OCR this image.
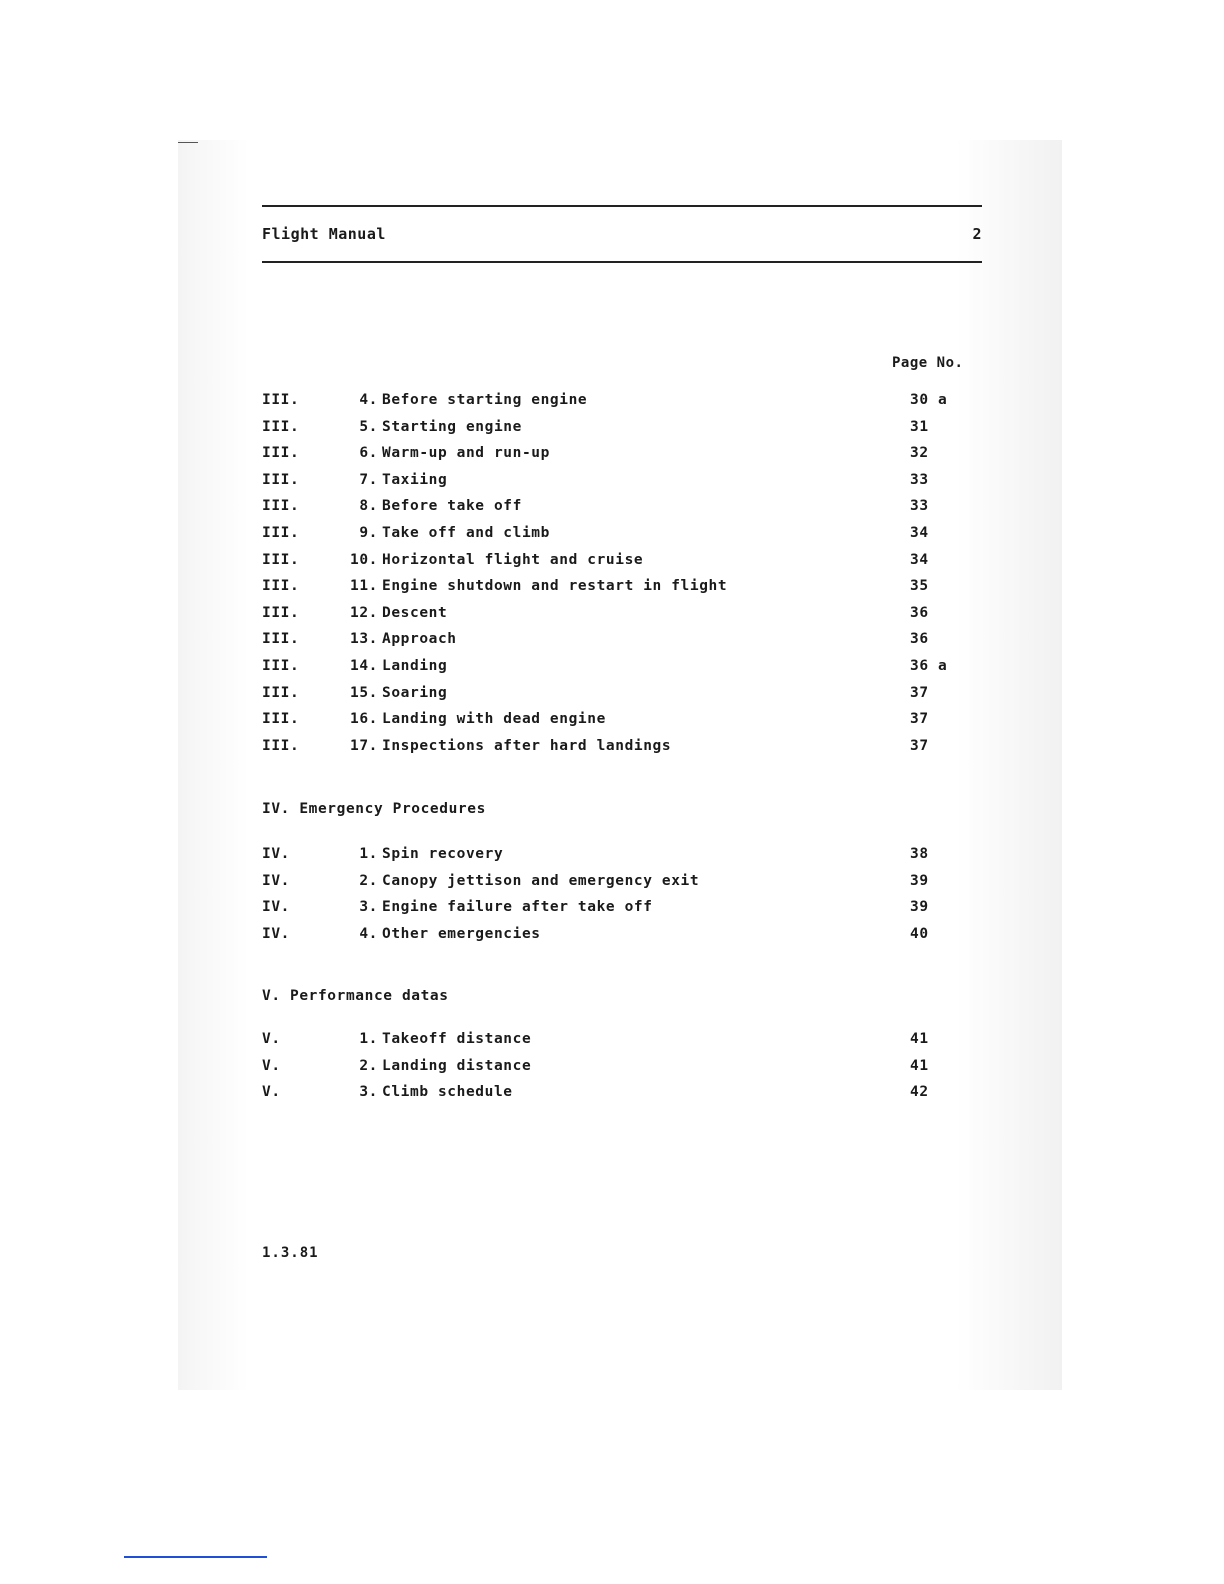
Flight Manual	2
Page No.
III.	4. Before starting engine	30 a
III.	5. Starting engine	31
III.	6. Warm-up and run-up	32
III.	7. Taxiing	33
III.	8. Before take off	33
III.	9. Take off and climb	34
III.	10. Horizontal flight and cruise	34
III.	11. Engine shutdown and restart in flight	35
III.	12. Descent	36
III.	13. Approach	36
III.	14. Landing	36 a
III.	15. Soaring	37
III.	16. Landing with dead engine	37
III.	17. Inspections after hard landings	37
IV. Emergency Procedures
IV.	1. Spin recovery	38
IV.	2. Canopy jettison and emergency exit	39
IV.	3. Engine failure after take off	39
IV.	4. Other emergencies	40
V. Performance datas
V.	1. Takeoff distance	41
V.	2. Landing distance	41
V.	3. Climb schedule	42
1.3.81
